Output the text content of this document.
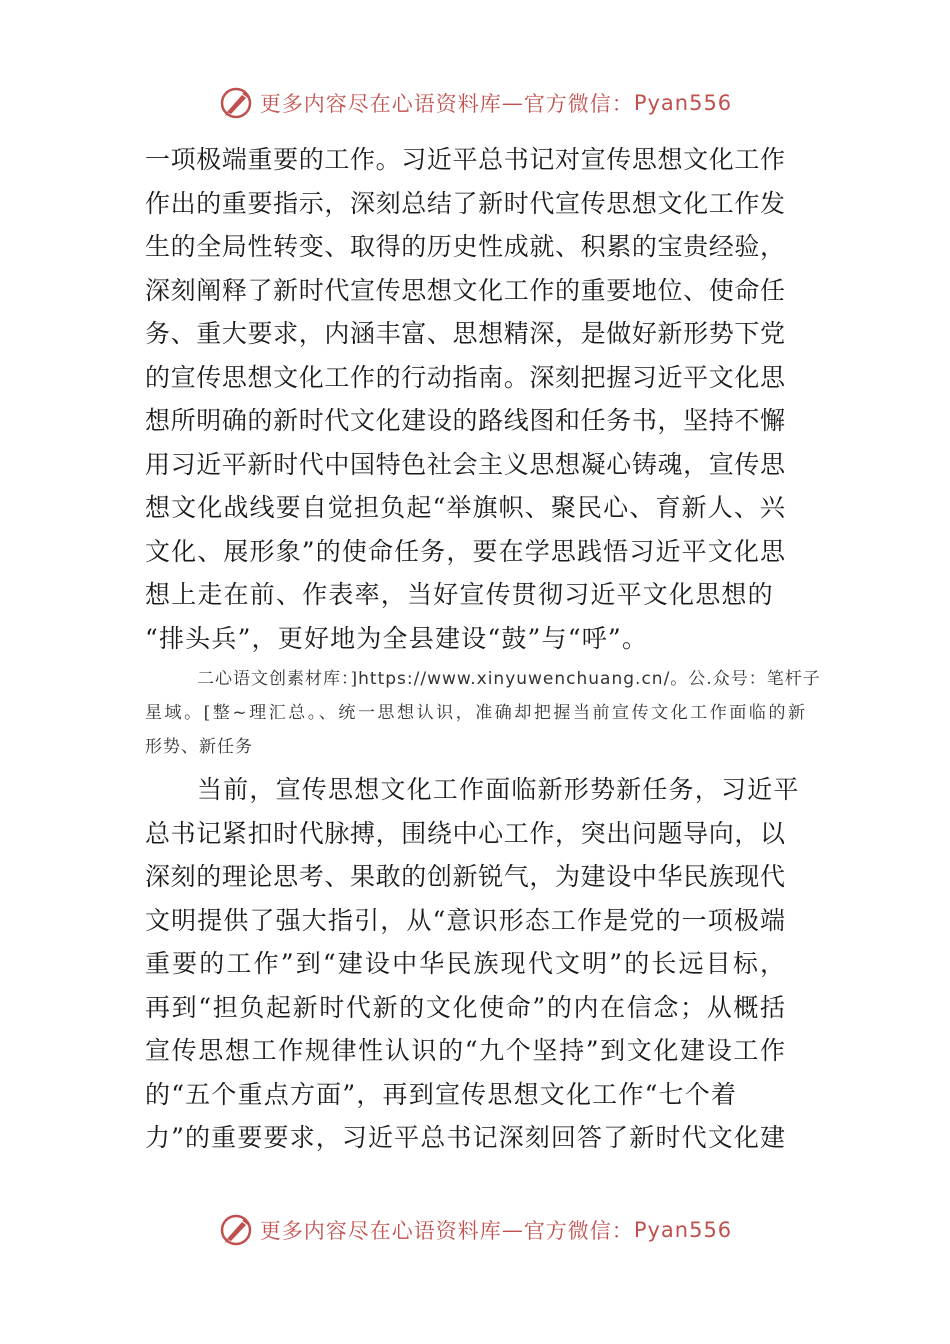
更多内容尽在心语资料库 — 官方微信： Pyan556
一项极端重要的工作。习近平总书记对宣传思想文化工作
作出的重要指示，深刻总结了新时代宣传思想文化工作发
生的全局性转变、取得的历史性成就、积累的宝贵经验，
深刻阐释了新时代宣传思想文化工作的重要地位、使命任
务、重大要求，内涵丰富、思想精深，是做好新形势下党
的宣传思想文化工作的行动指南。深刻把握习近平文化思
想所明确的新时代文化建设的路线图和任务书，坚持不懈
用习近平新时代中国特色社会主义思想凝心铸魂，宣传思
想文化战线要自觉担负起“举旗帜、聚民心、育新人、兴
文化、展形象”的使命任务，要在学思践悟习近平文化思
想上走在前、作表率，当好宣传贯彻习近平文化思想的
“排头兵”，更好地为全县建设“鼓”与“呼”。
二心语文创素材库：]https://www.xinyuwenchuang.cn/。公.众号：笔杆子
星域。[整~理汇总。、统一思想认识，准确却把握当前宣传文化工作面临的新
形势、新任务
当前，宣传思想文化工作面临新形势新任务，习近平
总书记紧扣时代脉搏，围绕中心工作，突出问题导向，以
深刻的理论思考、果敢的创新锐气，为建设中华民族现代
文明提供了强大指引，从“意识形态工作是党的一项极端
重要的工作”到“建设中华民族现代文明”的长远目标，
再到“担负起新时代新的文化使命”的内在信念；从概括
宣传思想工作规律性认识的“九个坚持”到文化建设工作
的“五个重点方面”，再到宣传思想文化工作“七个着
力”的重要要求，习近平总书记深刻回答了新时代文化建
更多内容尽在心语资料库 — 官方微信： Pyan556
